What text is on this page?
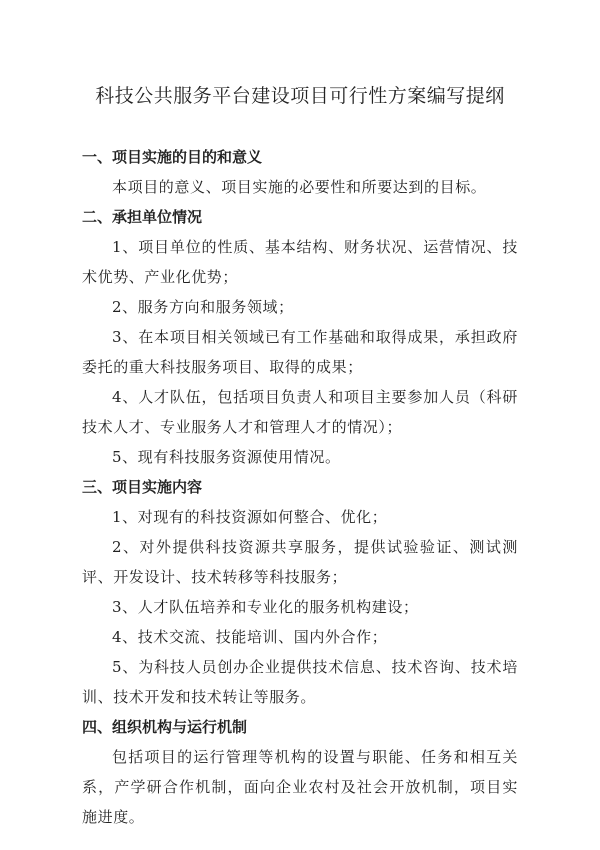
科技公共服务平台建设项目可行性方案编写提纲
一、项目实施的目的和意义

本项目的意义、项目实施的必要性和所要达到的目标。

二、承担单位情况

1、项目单位的性质、基本结构、财务状况、运营情况、技术优势、产业化优势；

2、服务方向和服务领域；

3、在本项目相关领域已有工作基础和取得成果，承担政府委托的重大科技服务项目、取得的成果；

4、人才队伍，包括项目负责人和项目主要参加人员（科研技术人才、专业服务人才和管理人才的情况）；

5、现有科技服务资源使用情况。

三、项目实施内容

1、对现有的科技资源如何整合、优化；

2、对外提供科技资源共享服务，提供试验验证、测试测评、开发设计、技术转移等科技服务；

3、人才队伍培养和专业化的服务机构建设；

4、技术交流、技能培训、国内外合作；

5、为科技人员创办企业提供技术信息、技术咨询、技术培训、技术开发和技术转让等服务。

四、组织机构与运行机制

包括项目的运行管理等机构的设置与职能、任务和相互关系，产学研合作机制，面向企业农村及社会开放机制，项目实施进度。
